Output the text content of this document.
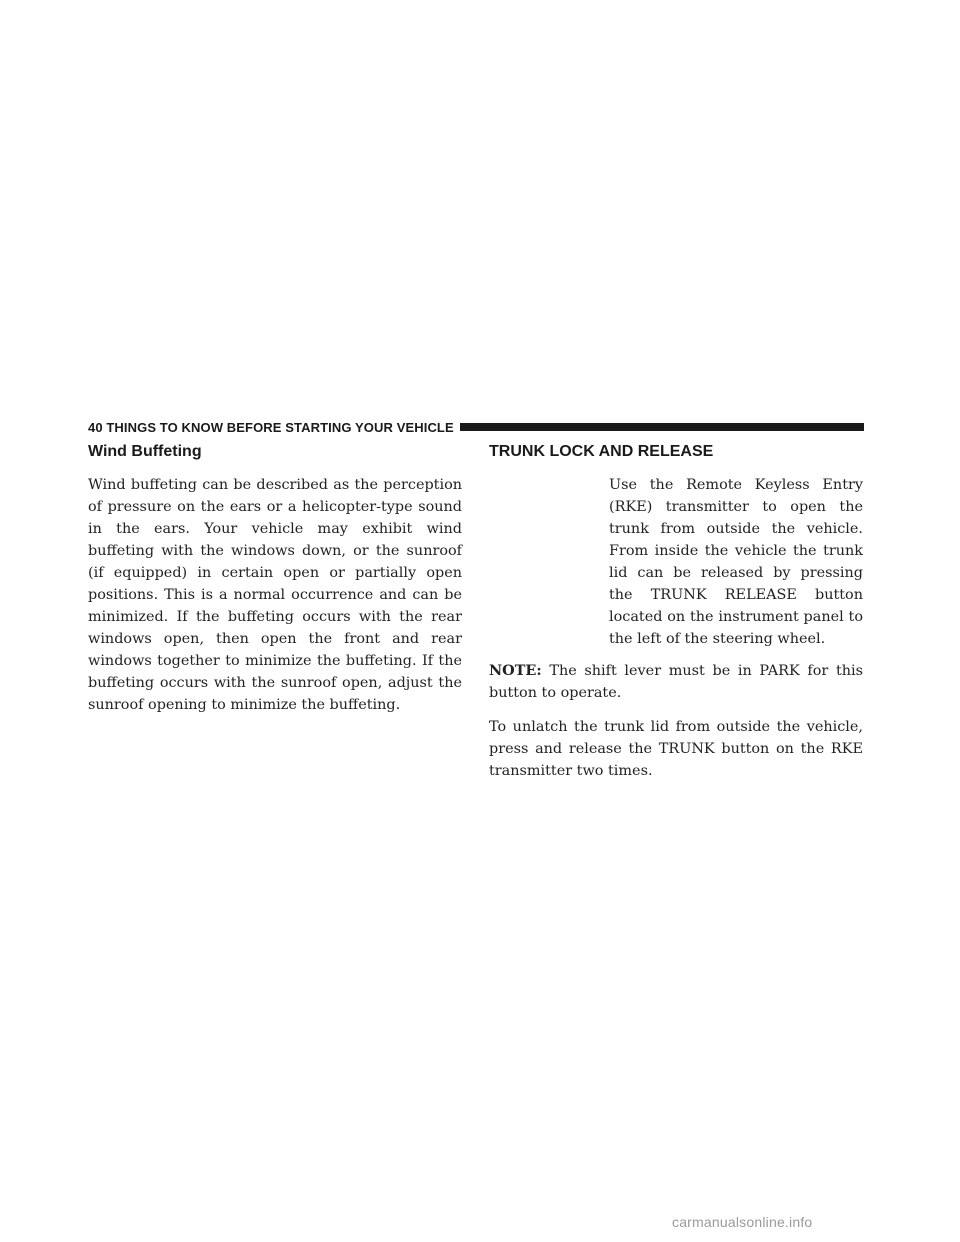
40 THINGS TO KNOW BEFORE STARTING YOUR VEHICLE
Wind Buffeting

Wind buffeting can be described as the perception of pressure on the ears or a helicopter-type sound in the ears. Your vehicle may exhibit wind buffeting with the windows down, or the sunroof (if equipped) in certain open or partially open positions. This is a normal occurrence and can be minimized. If the buffeting occurs with the rear windows open, then open the front and rear windows together to minimize the buffeting. If the buffeting occurs with the sunroof open, adjust the sunroof opening to minimize the buffeting.

TRUNK LOCK AND RELEASE

Use the Remote Keyless Entry (RKE) transmitter to open the trunk from outside the vehicle. From inside the vehicle the trunk lid can be released by pressing the TRUNK RELEASE button located on the instrument panel to the left of the steering wheel.

NOTE: The shift lever must be in PARK for this button to operate.

To unlatch the trunk lid from outside the vehicle, press and release the TRUNK button on the RKE transmitter two times.

carmanualsonline.info
